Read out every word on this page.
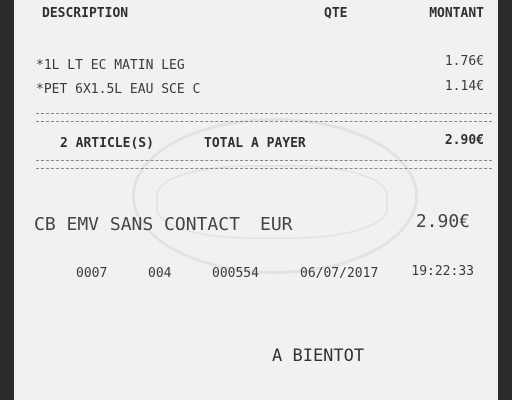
DESCRIPTION	QTE	MONTANT
*1L LT EC MATIN LEG	1.76€
*PET 6X1.5L EAU SCE C	1.14€
2 ARTICLE(S)	TOTAL A PAYER	2.90€
CB EMV SANS CONTACT EUR	2.90€
0007	004	000554	06/07/2017	19:22:33
A BIENTOT
